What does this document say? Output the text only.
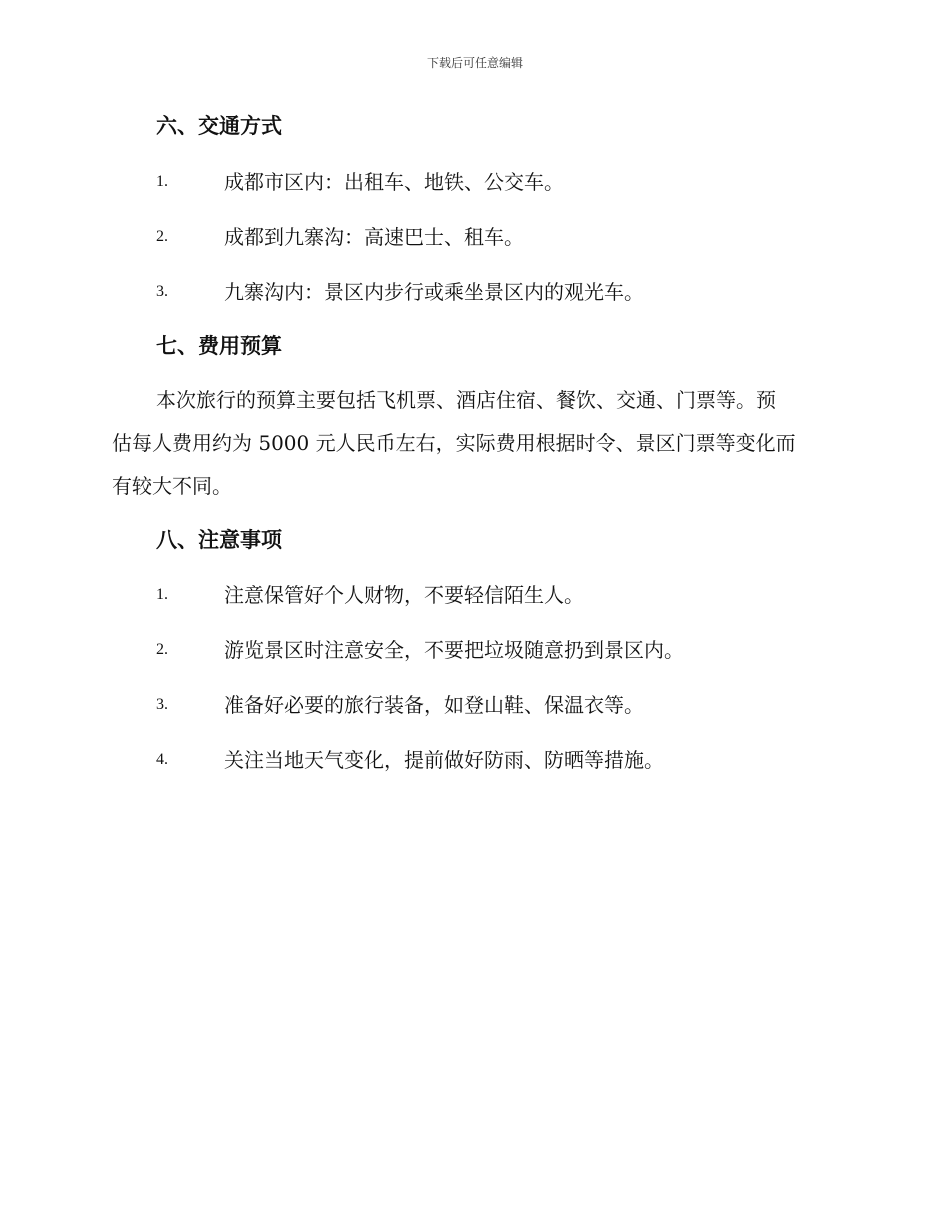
下载后可任意编辑
六、交通方式
1.	成都市区内：出租车、地铁、公交车。
2.	成都到九寨沟：高速巴士、租车。
3.	九寨沟内：景区内步行或乘坐景区内的观光车。
七、费用预算
本次旅行的预算主要包括飞机票、酒店住宿、餐饮、交通、门票等。预
估每人费用约为 5000 元人民币左右，实际费用根据时令、景区门票等变化而
有较大不同。
八、注意事项
1.	注意保管好个人财物，不要轻信陌生人。
2.	游览景区时注意安全，不要把垃圾随意扔到景区内。
3.	准备好必要的旅行装备，如登山鞋、保温衣等。
4.	关注当地天气变化，提前做好防雨、防晒等措施。
